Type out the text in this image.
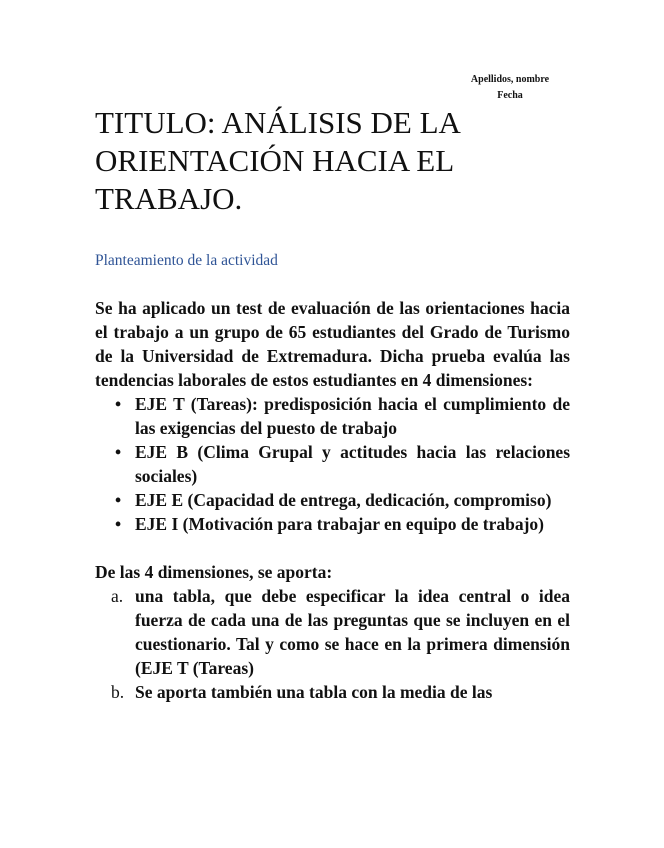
Apellidos, nombre
Fecha
TITULO: ANÁLISIS DE LA ORIENTACIÓN HACIA EL TRABAJO.
Planteamiento de la actividad

Se ha aplicado un test de evaluación de las orientaciones hacia el trabajo a un grupo de 65 estudiantes del Grado de Turismo de la Universidad de Extremadura. Dicha prueba evalúa las tendencias laborales de estos estudiantes en 4 dimensiones:

• EJE T (Tareas): predisposición hacia el cumplimiento de las exigencias del puesto de trabajo
• EJE B (Clima Grupal y actitudes hacia las relaciones sociales)
• EJE E (Capacidad de entrega, dedicación, compromiso)
• EJE I (Motivación para trabajar en equipo de trabajo)

De las 4 dimensiones, se aporta:

a. una tabla, que debe especificar la idea central o idea fuerza de cada una de las preguntas que se incluyen en el cuestionario. Tal y como se hace en la primera dimensión (EJE T (Tareas)
b. Se aporta también una tabla con la media de las
